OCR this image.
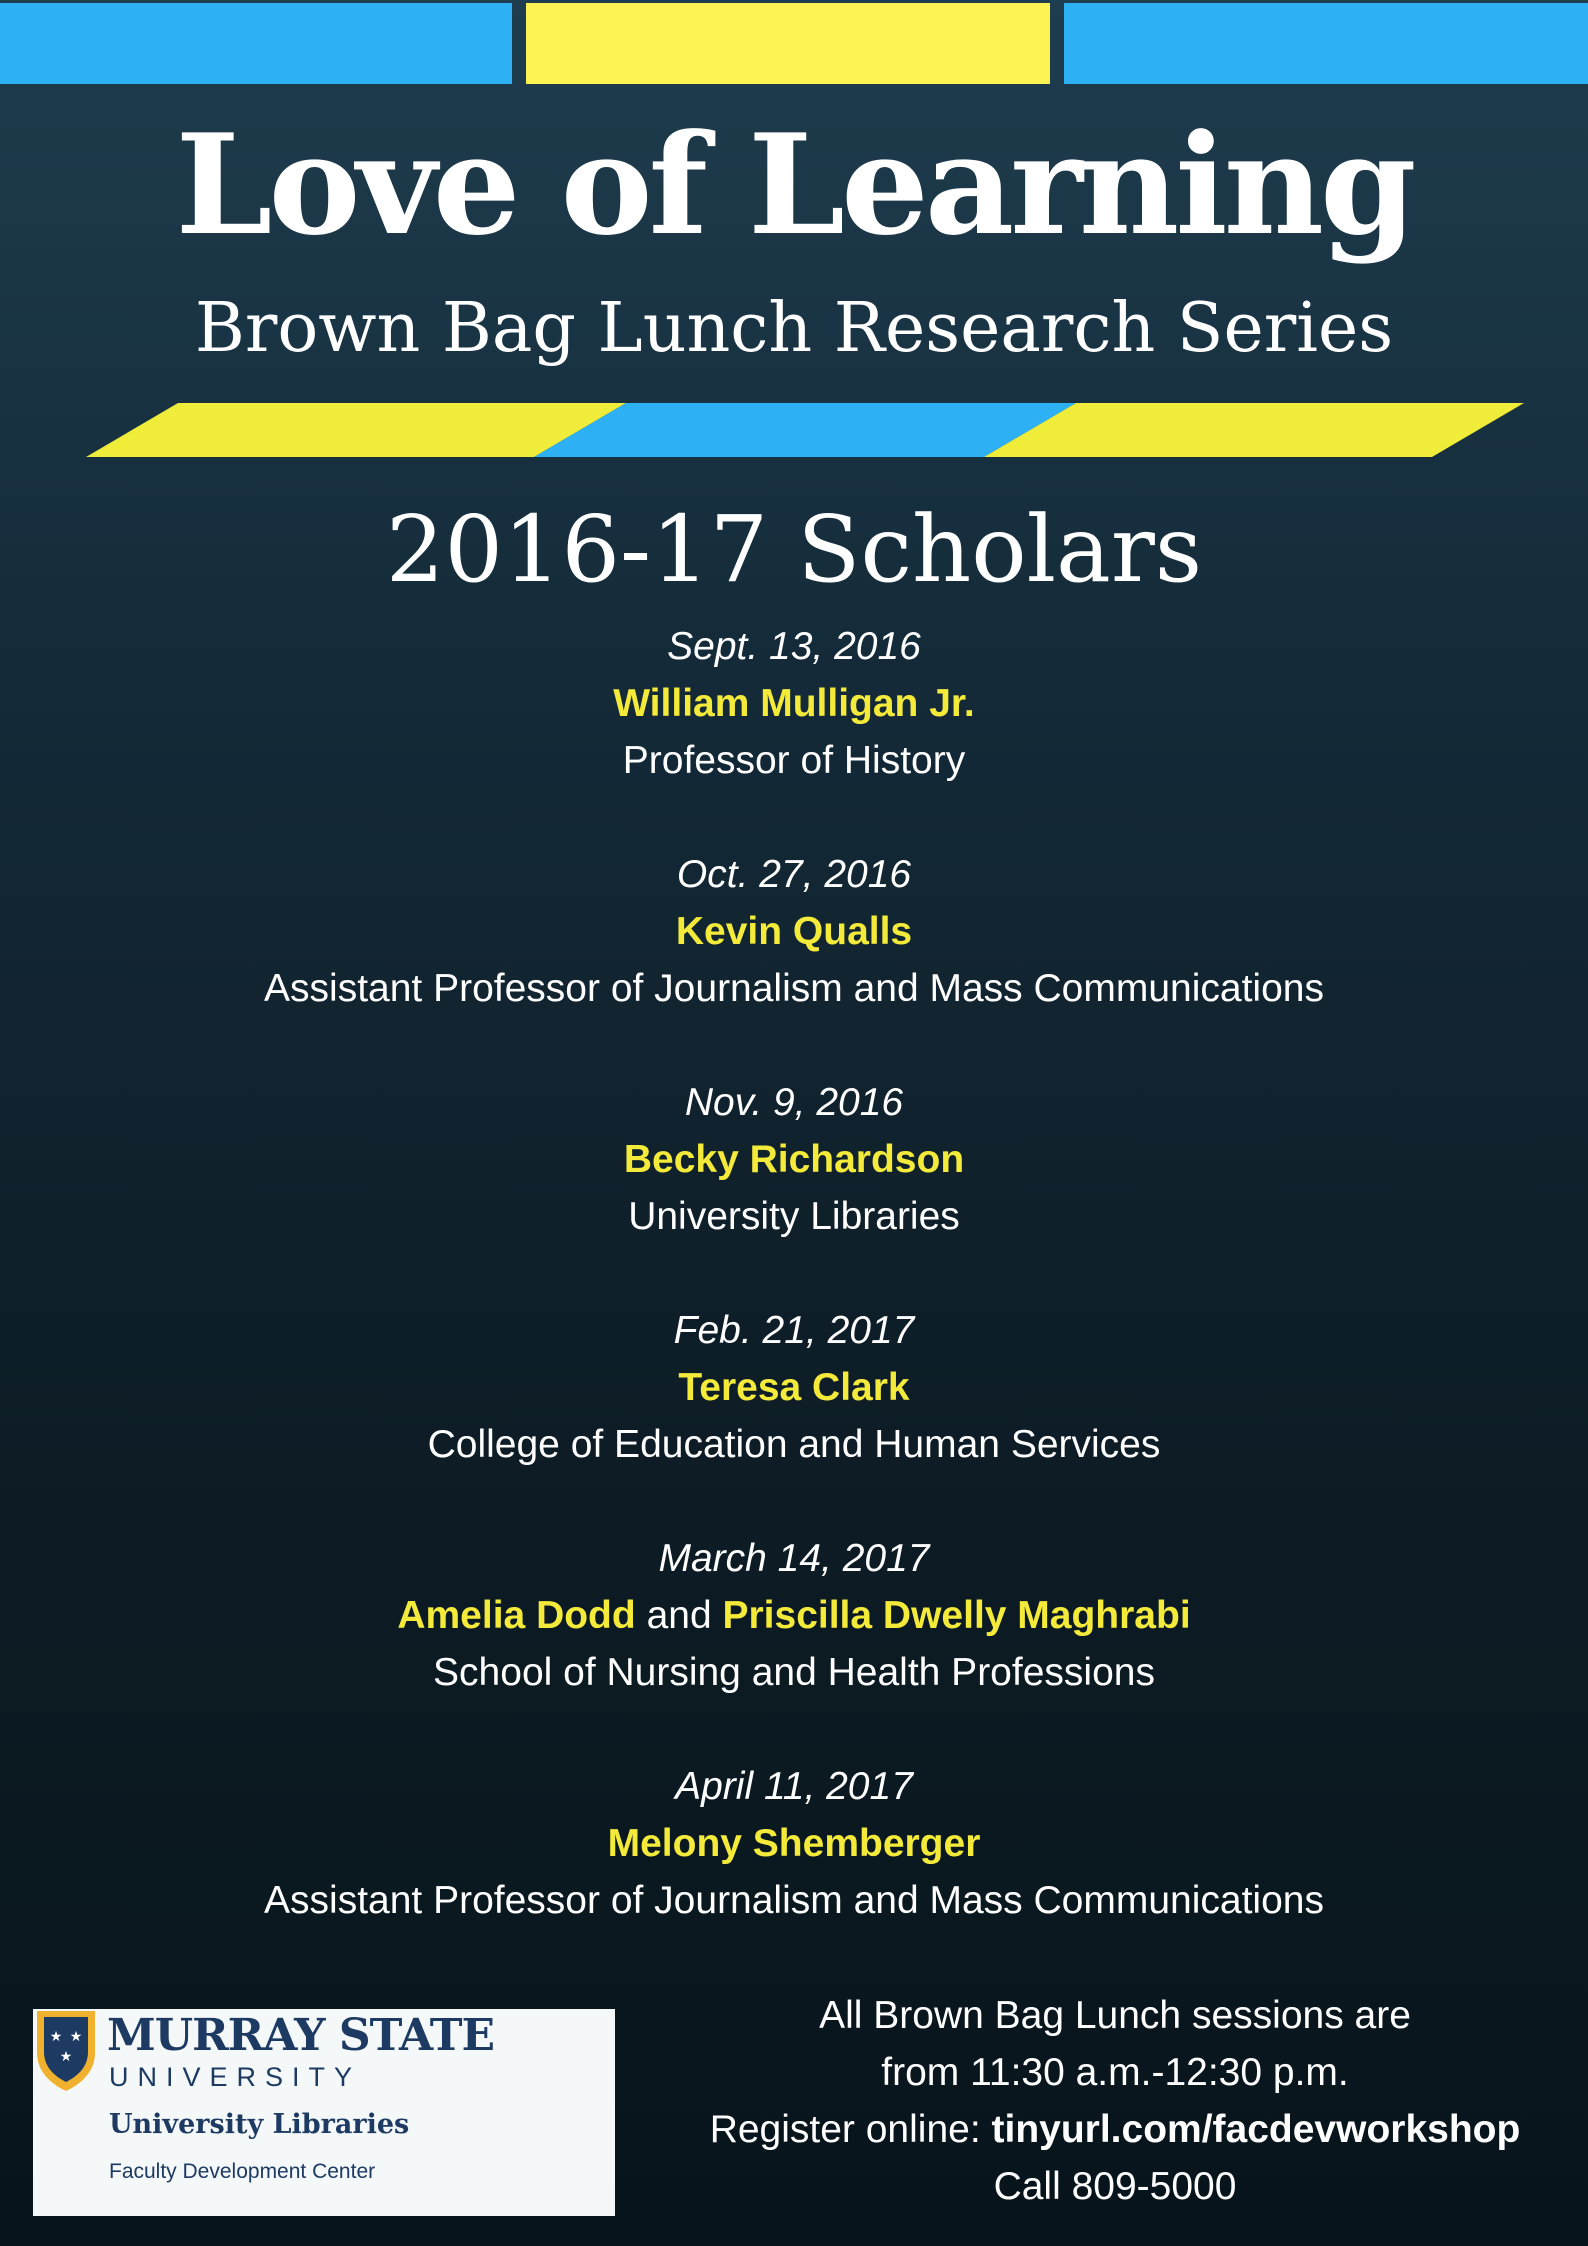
Love of Learning
Brown Bag Lunch Research Series
2016-17 Scholars
Sept. 13, 2016
William Mulligan Jr.
Professor of History
Oct. 27, 2016
Kevin Qualls
Assistant Professor of Journalism and Mass Communications
Nov. 9, 2016
Becky Richardson
University Libraries
Feb. 21, 2017
Teresa Clark
College of Education and Human Services
March 14, 2017
Amelia Dodd and Priscilla Dwelly Maghrabi
School of Nursing and Health Professions
April 11, 2017
Melony Shemberger
Assistant Professor of Journalism and Mass Communications
★ ★
★ MURRAY STATE
UNIVERSITY
University Libraries
Faculty Development Center
All Brown Bag Lunch sessions are
from 11:30 a.m.-12:30 p.m.
Register online: tinyurl.com/facdevworkshop
Call 809-5000
